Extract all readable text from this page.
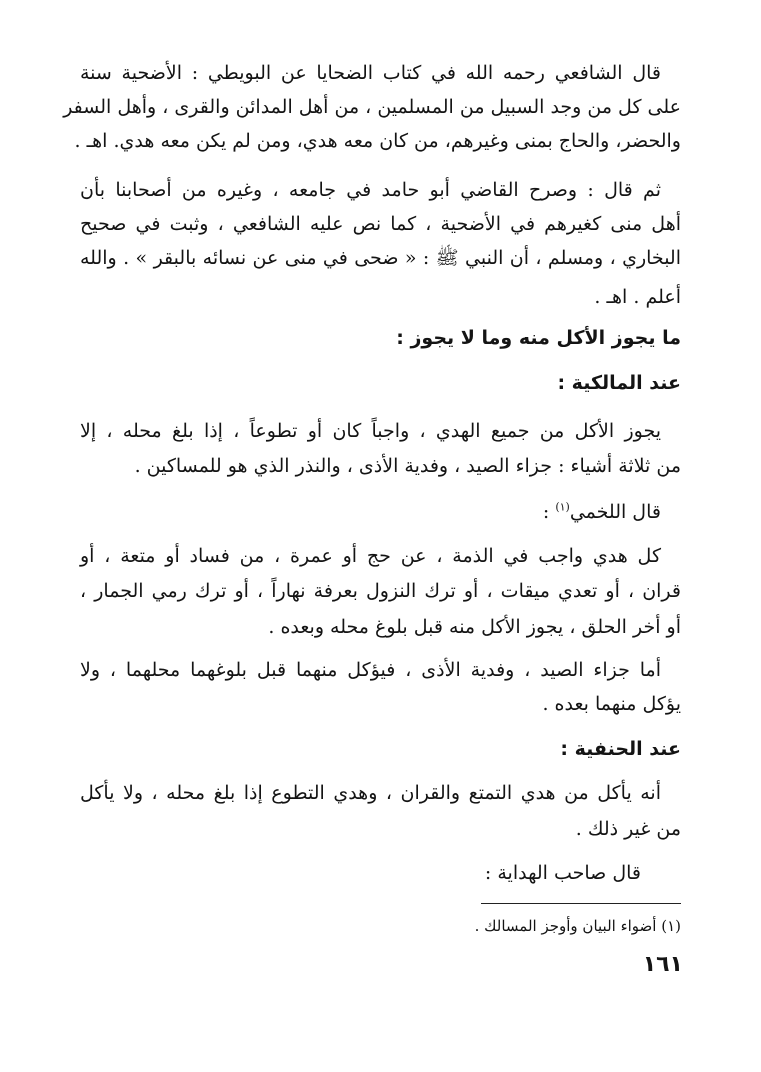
قال الشافعي رحمه الله في كتاب الضحايا عن البويطي : الأضحية سنة
على كل من وجد السبيل من المسلمين ، من أهل المدائن والقرى ، وأهل السفر
والحضر، والحاج بمنى وغيرهم، من كان معه هدي، ومن لم يكن معه هدي. اهـ .
ثم قال : وصرح القاضي أبو حامد في جامعه ، وغيره من أصحابنا بأن
أهل منى كغيرهم في الأضحية ، كما نص عليه الشافعي ، وثبت في صحيح
البخاري ، ومسلم ، أن النبي ﷺ : « ضحى في منى عن نسائه بالبقر » . والله
أعلم . اهـ .
ما يجوز الأكل منه وما لا يجوز :
عند المالكية :
يجوز الأكل من جميع الهدي ، واجباً كان أو تطوعاً ، إذا بلغ محله ، إلا
من ثلاثة أشياء : جزاء الصيد ، وفدية الأذى ، والنذر الذي هو للمساكين .
قال اللخمي$^{(١)}$ :
كل هدي واجب في الذمة ، عن حج أو عمرة ، من فساد أو متعة ، أو
قران ، أو تعدي ميقات ، أو ترك النزول بعرفة نهاراً ، أو ترك رمي الجمار ،
أو أخر الحلق ، يجوز الأكل منه قبل بلوغ محله وبعده .
أما جزاء الصيد ، وفدية الأذى ، فيؤكل منهما قبل بلوغهما محلهما ، ولا
يؤكل منهما بعده .
عند الحنفية :
أنه يأكل من هدي التمتع والقران ، وهدي التطوع إذا بلغ محله ، ولا يأكل
من غير ذلك .
قال صاحب الهداية :
(١) أضواء البيان وأوجز المسالك .
١٦١
